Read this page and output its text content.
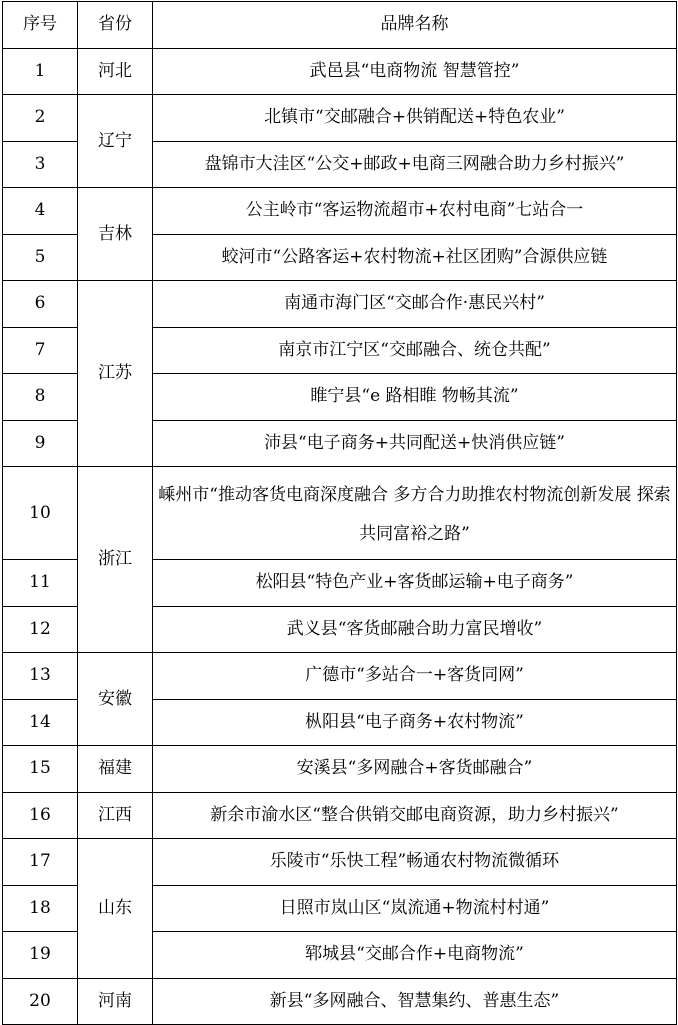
序号	省份	品牌名称
1	河北	武邑县“电商物流 智慧管控”
2	辽宁	北镇市“交邮融合+供销配送+特色农业”
3		盘锦市大洼区“公交+邮政+电商三网融合助力乡村振兴”
4	吉林	公主岭市“客运物流超市+农村电商”七站合一
5		蛟河市“公路客运+农村物流+社区团购”合源供应链
6	江苏	南通市海门区“交邮合作·惠民兴村”
7		南京市江宁区“交邮融合、统仓共配”
8		睢宁县“e 路相睢 物畅其流”
9		沛县“电子商务+共同配送+快消供应链”
10	浙江	嵊州市“推动客货电商深度融合 多方合力助推农村物流创新发展 探索共同富裕之路”
11		松阳县“特色产业+客货邮运输+电子商务”
12		武义县“客货邮融合助力富民增收”
13	安徽	广德市“多站合一+客货同网”
14		枞阳县“电子商务+农村物流”
15	福建	安溪县“多网融合+客货邮融合”
16	江西	新余市渝水区“整合供销交邮电商资源，助力乡村振兴”
17	山东	乐陵市“乐快工程”畅通农村物流微循环
18		日照市岚山区“岚流通+物流村村通”
19		郓城县“交邮合作+电商物流”
20	河南	新县“多网融合、智慧集约、普惠生态”
